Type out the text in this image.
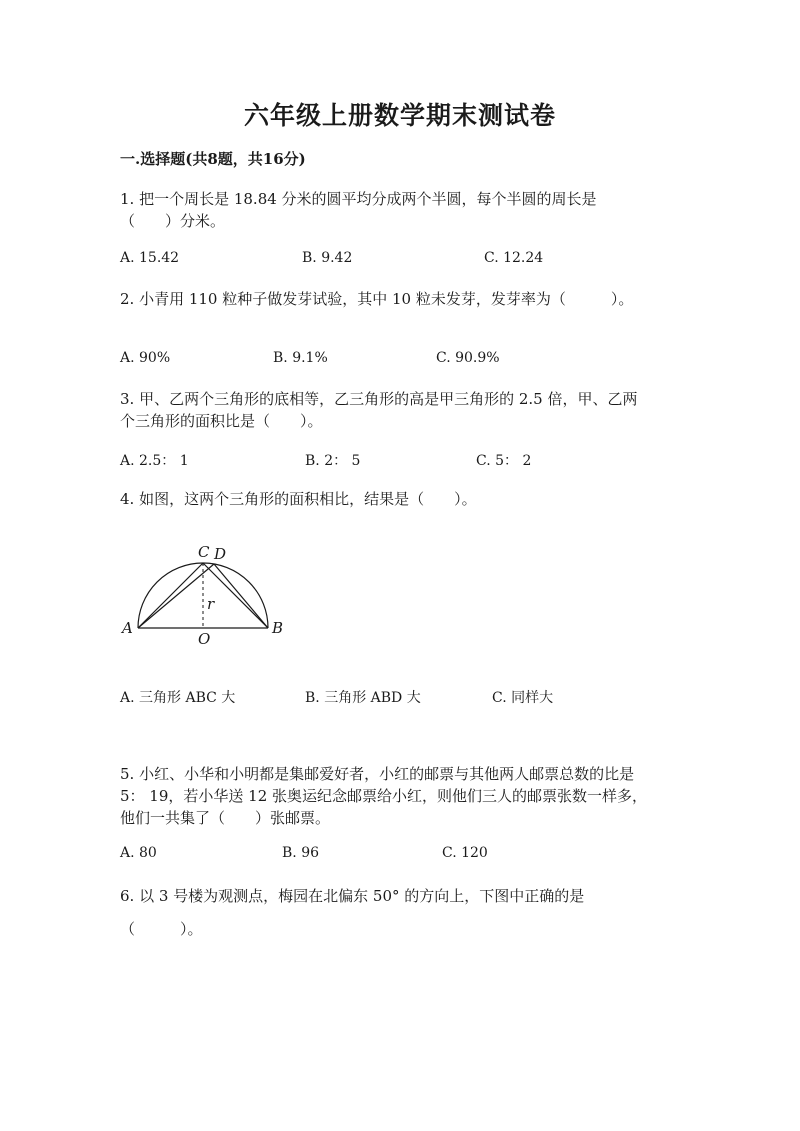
六年级上册数学期末测试卷
一.选择题(共8题，共16分)
1. 把一个周长是 18.84 分米的圆平均分成两个半圆，每个半圆的周长是
（　　）分米。
A. 15.42	B. 9.42	C. 12.24
2. 小青用 110 粒种子做发芽试验，其中 10 粒未发芽，发芽率为（　　　）。
A. 90%	B. 9.1%	C. 90.9%
3. 甲、乙两个三角形的底相等，乙三角形的高是甲三角形的 2.5 倍，甲、乙两
个三角形的面积比是（　　）。
A. 2.5： 1	B. 2： 5	C. 5： 2
4. 如图，这两个三角形的面积相比，结果是（　　）。
C D
A	B
O
r
A. 三角形 ABC 大	B. 三角形 ABD 大	C. 同样大
5. 小红、小华和小明都是集邮爱好者，小红的邮票与其他两人邮票总数的比是
5： 19，若小华送 12 张奥运纪念邮票给小红，则他们三人的邮票张数一样多，
他们一共集了（　　）张邮票。
A. 80	B. 96	C. 120
6. 以 3 号楼为观测点，梅园在北偏东 50° 的方向上，下图中正确的是
（　　　）。
